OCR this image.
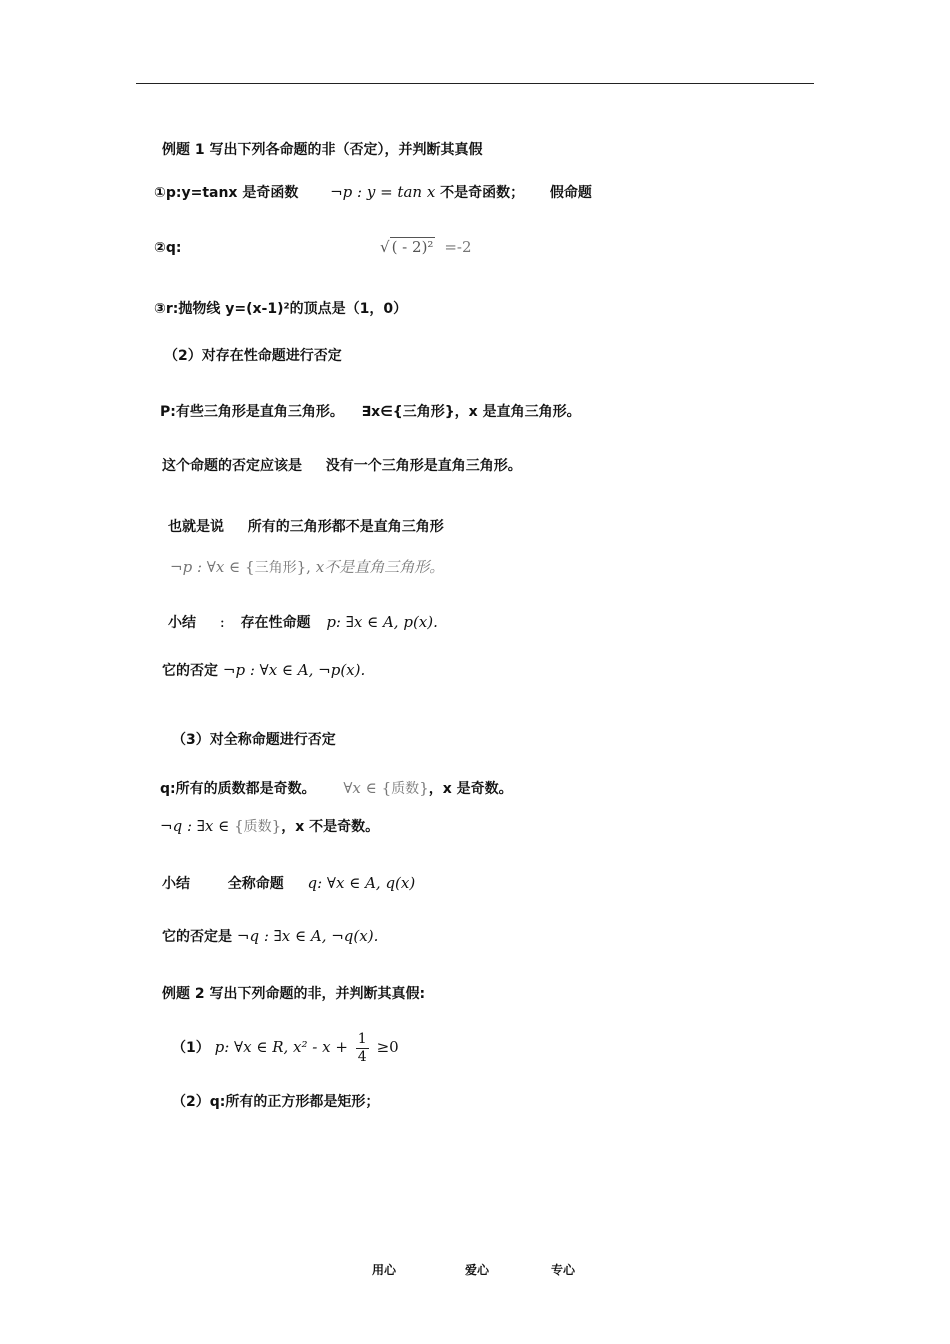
例题 1 写出下列各命题的非（否定），并判断其真假
①p:y=tanx 是奇函数 ¬p : y = tan x 不是奇函数； 假命题
②q:	√ ( - 2)² =-2
③r:抛物线 y=(x-1)²的顶点是（1，0）
（2）对存在性命题进行否定
P:有些三角形是直角三角形。 ∃x∈{三角形}，x 是直角三角形。
这个命题的否定应该是 没有一个三角形是直角三角形。
也就是说 所有的三角形都不是直角三角形
¬p : ∀x ∈ {三角形}, x不是直角三角形。
小结 : 存在性命题 p: ∃x ∈ A, p(x).
它的否定 ¬p : ∀x ∈ A, ¬p(x).
（3）对全称命题进行否定
q:所有的质数都是奇数。 ∀x ∈ {质数}，x 是奇数。
¬q : ∃x ∈ {质数}，x 不是奇数。
小结	全称命题 q: ∀x ∈ A, q(x)
它的否定是 ¬q : ∃x ∈ A, ¬q(x).
例题 2 写出下列命题的非，并判断其真假:
（1） p: ∀x ∈ R, $x^2 - x + \frac{1}{4} \ge 0$
（2）q:所有的正方形都是矩形；
用心	爱心	专心
